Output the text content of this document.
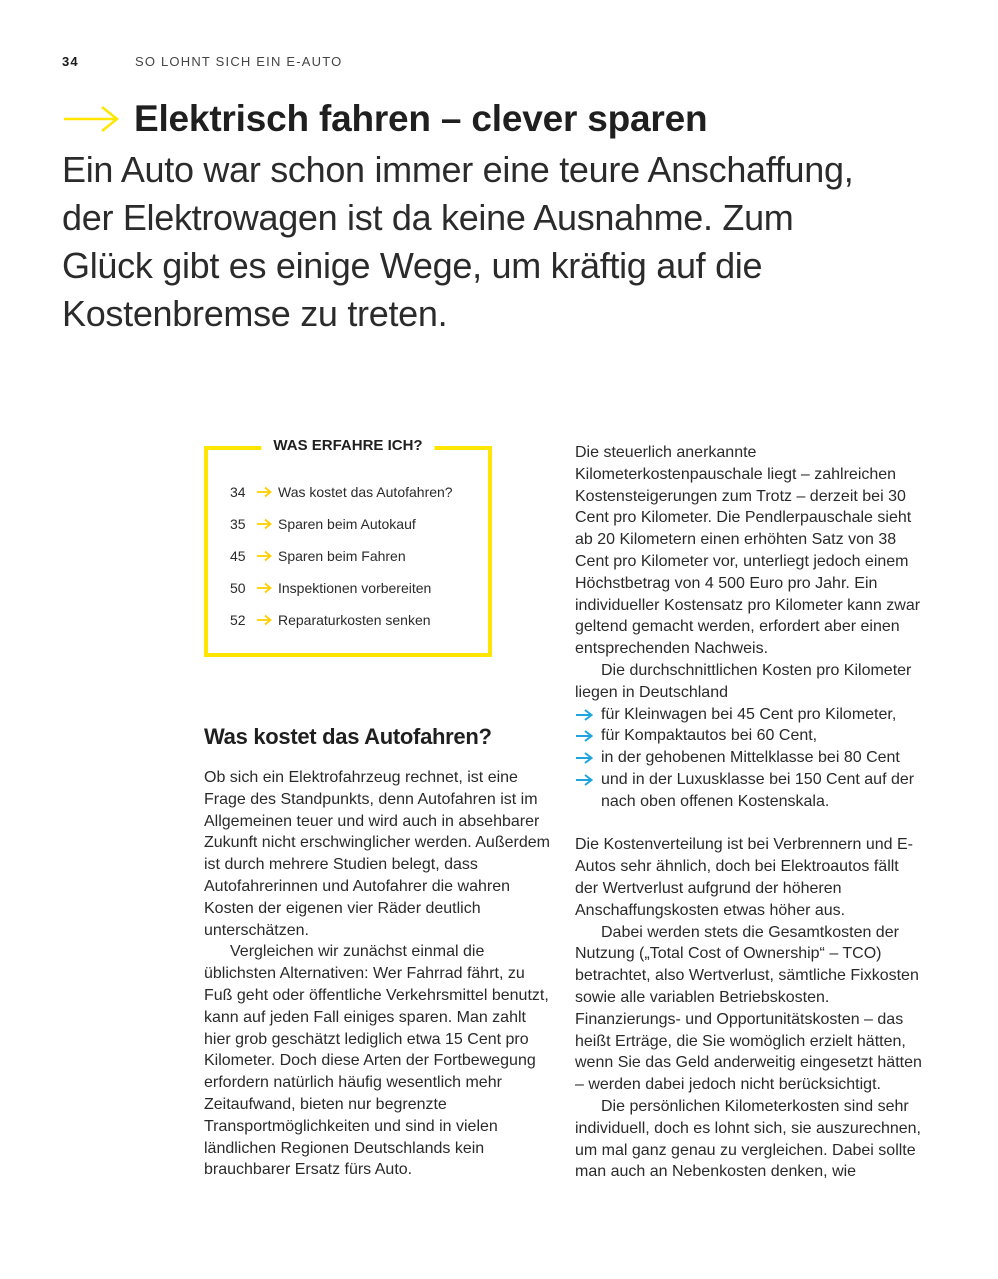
34	SO LOHNT SICH EIN E-AUTO
Elektrisch fahren – clever sparen

Ein Auto war schon immer eine teure Anschaffung, der Elektrowagen ist da keine Ausnahme. Zum Glück gibt es einige Wege, um kräftig auf die Kostenbremse zu treten.

WAS ERFAHRE ICH?
34	Was kostet das Autofahren?
35	Sparen beim Autokauf
45	Sparen beim Fahren
50	Inspektionen vorbereiten
52	Reparaturkosten senken
Was kostet das Autofahren?

Ob sich ein Elektrofahrzeug rechnet, ist eine Frage des Standpunkts, denn Autofahren ist im Allgemeinen teuer und wird auch in absehbarer Zukunft nicht erschwinglicher werden. Außerdem ist durch mehrere Studien belegt, dass Autofahrerinnen und Autofahrer die wahren Kosten der eigenen vier Räder deutlich unterschätzen.

Vergleichen wir zunächst einmal die üblichsten Alternativen: Wer Fahrrad fährt, zu Fuß geht oder öffentliche Verkehrsmittel benutzt, kann auf jeden Fall einiges sparen. Man zahlt hier grob geschätzt lediglich etwa 15 Cent pro Kilometer. Doch diese Arten der Fortbewegung erfordern natürlich häufig wesentlich mehr Zeitaufwand, bieten nur begrenzte Transportmöglichkeiten und sind in vielen ländlichen Regionen Deutschlands kein brauchbarer Ersatz fürs Auto.

Die steuerlich anerkannte Kilometerkostenpauschale liegt – zahlreichen Kostensteigerungen zum Trotz – derzeit bei 30 Cent pro Kilometer. Die Pendlerpauschale sieht ab 20 Kilometern einen erhöhten Satz von 38 Cent pro Kilometer vor, unterliegt jedoch einem Höchstbetrag von 4 500 Euro pro Jahr. Ein individueller Kostensatz pro Kilometer kann zwar geltend gemacht werden, erfordert aber einen entsprechenden Nachweis.

Die durchschnittlichen Kosten pro Kilometer liegen in Deutschland

für Kleinwagen bei 45 Cent pro Kilometer,
für Kompaktautos bei 60 Cent,
in der gehobenen Mittelklasse bei 80 Cent
und in der Luxusklasse bei 150 Cent auf der nach oben offenen Kostenskala.

Die Kostenverteilung ist bei Verbrennern und E-Autos sehr ähnlich, doch bei Elektroautos fällt der Wertverlust aufgrund der höheren Anschaffungskosten etwas höher aus.

Dabei werden stets die Gesamtkosten der Nutzung („Total Cost of Ownership“ – TCO) betrachtet, also Wertverlust, sämtliche Fixkosten sowie alle variablen Betriebskosten. Finanzierungs- und Opportunitätskosten – das heißt Erträge, die Sie womöglich erzielt hätten, wenn Sie das Geld anderweitig eingesetzt hätten – werden dabei jedoch nicht berücksichtigt.

Die persönlichen Kilometerkosten sind sehr individuell, doch es lohnt sich, sie auszurechnen, um mal ganz genau zu vergleichen. Dabei sollte man auch an Nebenkosten denken, wie
